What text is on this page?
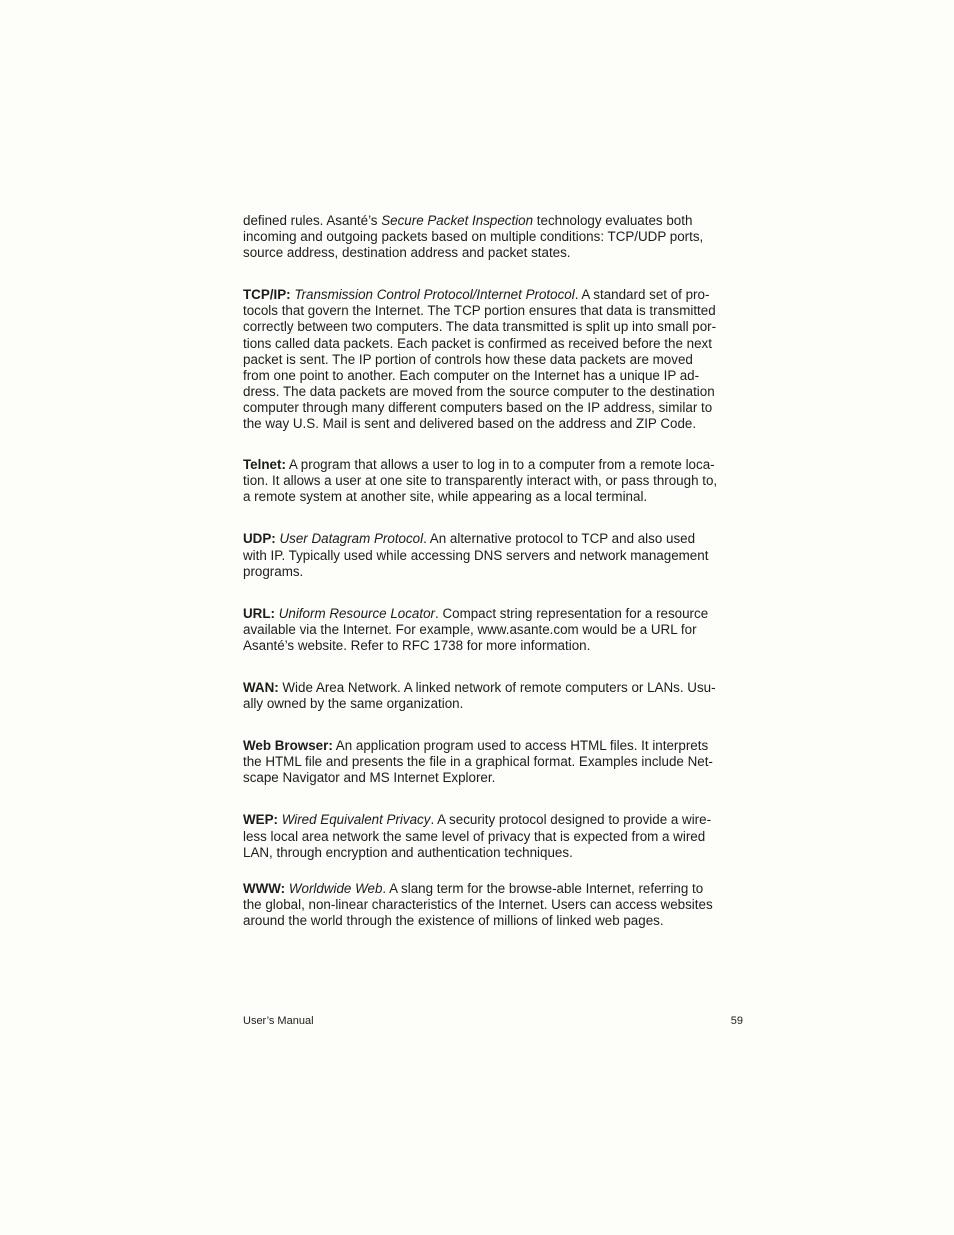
defined rules. Asanté’s Secure Packet Inspection technology evaluates both
incoming and outgoing packets based on multiple conditions: TCP/UDP ports,
source address, destination address and packet states.

TCP/IP: Transmission Control Protocol/Internet Protocol. A standard set of pro-
tocols that govern the Internet. The TCP portion ensures that data is transmitted
correctly between two computers. The data transmitted is split up into small por-
tions called data packets. Each packet is confirmed as received before the next
packet is sent. The IP portion of controls how these data packets are moved
from one point to another. Each computer on the Internet has a unique IP ad-
dress. The data packets are moved from the source computer to the destination
computer through many different computers based on the IP address, similar to
the way U.S. Mail is sent and delivered based on the address and ZIP Code.

Telnet: A program that allows a user to log in to a computer from a remote loca-
tion. It allows a user at one site to transparently interact with, or pass through to,
a remote system at another site, while appearing as a local terminal.

UDP: User Datagram Protocol. An alternative protocol to TCP and also used
with IP. Typically used while accessing DNS servers and network management
programs.

URL: Uniform Resource Locator. Compact string representation for a resource
available via the Internet. For example, www.asante.com would be a URL for
Asanté’s website. Refer to RFC 1738 for more information.

WAN: Wide Area Network. A linked network of remote computers or LANs. Usu-
ally owned by the same organization.

Web Browser: An application program used to access HTML files. It interprets
the HTML file and presents the file in a graphical format. Examples include Net-
scape Navigator and MS Internet Explorer.

WEP: Wired Equivalent Privacy. A security protocol designed to provide a wire-
less local area network the same level of privacy that is expected from a wired
LAN, through encryption and authentication techniques.

WWW: Worldwide Web. A slang term for the browse-able Internet, referring to
the global, non-linear characteristics of the Internet. Users can access websites
around the world through the existence of millions of linked web pages.

User’s Manual	59
